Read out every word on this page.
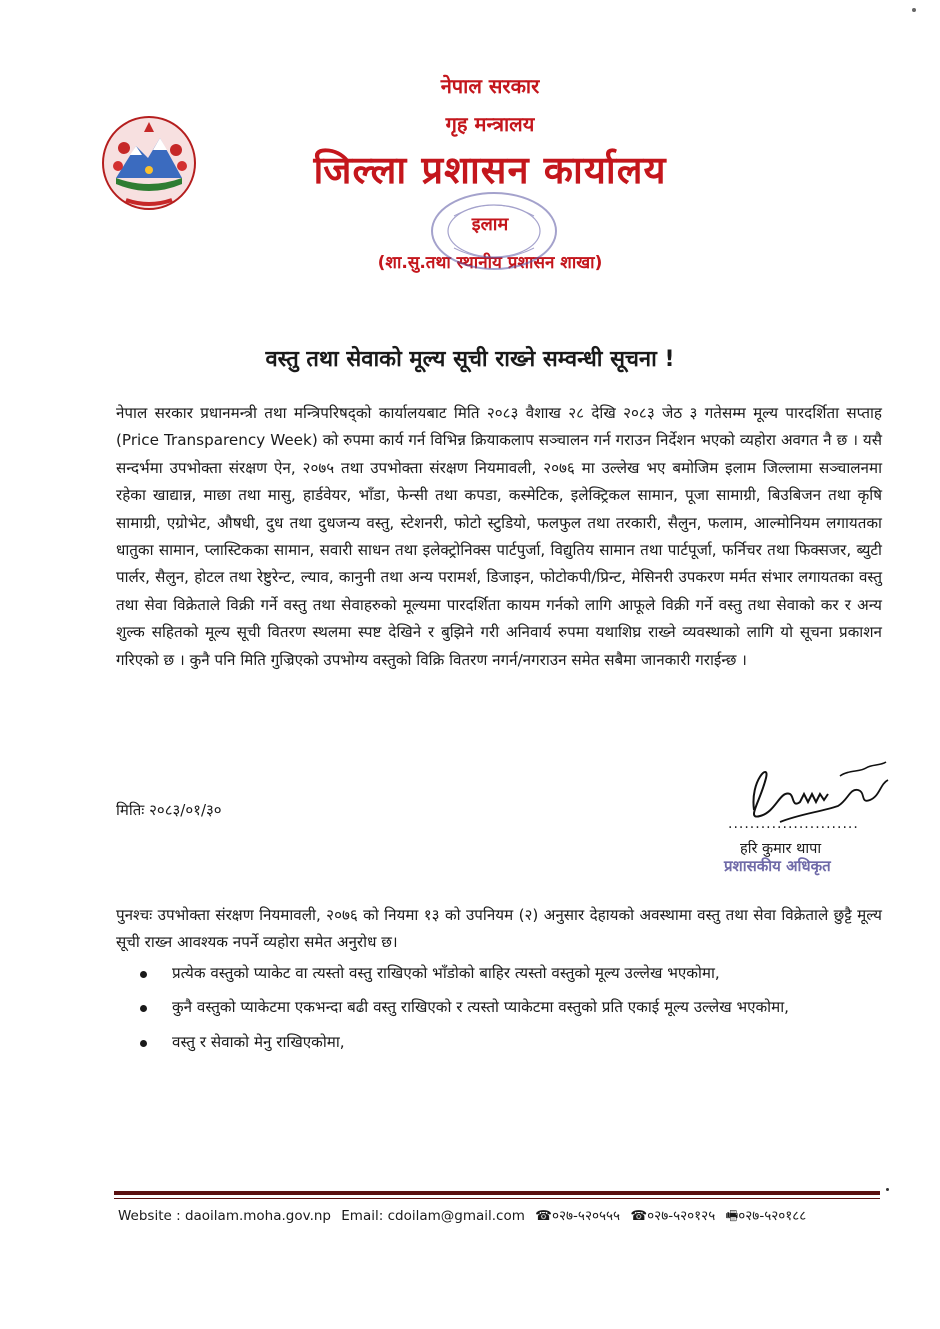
नेपाल सरकार
गृह मन्त्रालय
जिल्ला प्रशासन कार्यालय
इलाम
(शा.सु.तथा स्थानीय प्रशासन शाखा)
वस्तु तथा सेवाको मूल्य सूची राख्ने सम्वन्धी सूचना !
नेपाल सरकार प्रधानमन्त्री तथा मन्त्रिपरिषद्को कार्यालयबाट मिति २०८३ वैशाख २८ देखि २०८३ जेठ ३ गतेसम्म मूल्य पारदर्शिता सप्ताह (Price Transparency Week) को रुपमा कार्य गर्न विभिन्न क्रियाकलाप सञ्चालन गर्न गराउन निर्देशन भएको व्यहोरा अवगत नै छ । यसै सन्दर्भमा उपभोक्ता संरक्षण ऐन, २०७५ तथा उपभोक्ता संरक्षण नियमावली, २०७६ मा उल्लेख भए बमोजिम इलाम जिल्लामा सञ्चालनमा रहेका खाद्यान्न, माछा तथा मासु, हार्डवेयर, भाँडा, फेन्सी तथा कपडा, कस्मेटिक, इलेक्ट्रिकल सामान, पूजा सामाग्री, बिउबिजन तथा कृषि सामाग्री, एग्रोभेट, औषधी, दुध तथा दुधजन्य वस्तु, स्टेशनरी, फोटो स्टुडियो, फलफुल तथा तरकारी, सैलुन, फलाम, आल्मोनियम लगायतका धातुका सामान, प्लास्टिकका सामान, सवारी साधन तथा इलेक्ट्रोनिक्स पार्टपुर्जा, विद्युतिय सामान तथा पार्टपूर्जा, फर्निचर तथा फिक्सजर, ब्युटी पार्लर, सैलुन, होटल तथा रेष्टुरेन्ट, ल्याव, कानुनी तथा अन्य परामर्श, डिजाइन, फोटोकपी/प्रिन्ट, मेसिनरी उपकरण मर्मत संभार लगायतका वस्तु तथा सेवा विक्रेताले विक्री गर्ने वस्तु तथा सेवाहरुको मूल्यमा पारदर्शिता कायम गर्नको लागि आफूले विक्री गर्ने वस्तु तथा सेवाको कर र अन्य शुल्क सहितको मूल्य सूची वितरण स्थलमा स्पष्ट देखिने र बुझिने गरी अनिवार्य रुपमा यथाशिघ्र राख्ने व्यवस्थाको लागि यो सूचना प्रकाशन गरिएको छ । कुनै पनि मिति गुज्रिएको उपभोग्य वस्तुको विक्रि वितरण नगर्न/नगराउन समेत सबैमा जानकारी गराईन्छ ।
मितिः २०८३/०१/३०
........................
हरि कुमार थापा
प्रशासकीय अधिकृत
पुनश्चः उपभोक्ता संरक्षण नियमावली, २०७६ को नियमा १३ को उपनियम (२) अनुसार देहायको अवस्थामा वस्तु तथा सेवा विक्रेताले छुट्टै मूल्य सूची राख्न आवश्यक नपर्ने व्यहोरा समेत अनुरोध छ।
प्रत्येक वस्तुको प्याकेट वा त्यस्तो वस्तु राखिएको भाँडोको बाहिर त्यस्तो वस्तुको मूल्य उल्लेख भएकोमा,
कुनै वस्तुको प्याकेटमा एकभन्दा बढी वस्तु राखिएको र त्यस्तो प्याकेटमा वस्तुको प्रति एकाई मूल्य उल्लेख भएकोमा,
वस्तु र सेवाको मेनु राखिएकोमा,
Website : daoilam.moha.gov.np Email: cdoilam@gmail.com ☎०२७-५२०५५५ ☎०२७-५२०१२५ 🖷०२७-५२०१८८
